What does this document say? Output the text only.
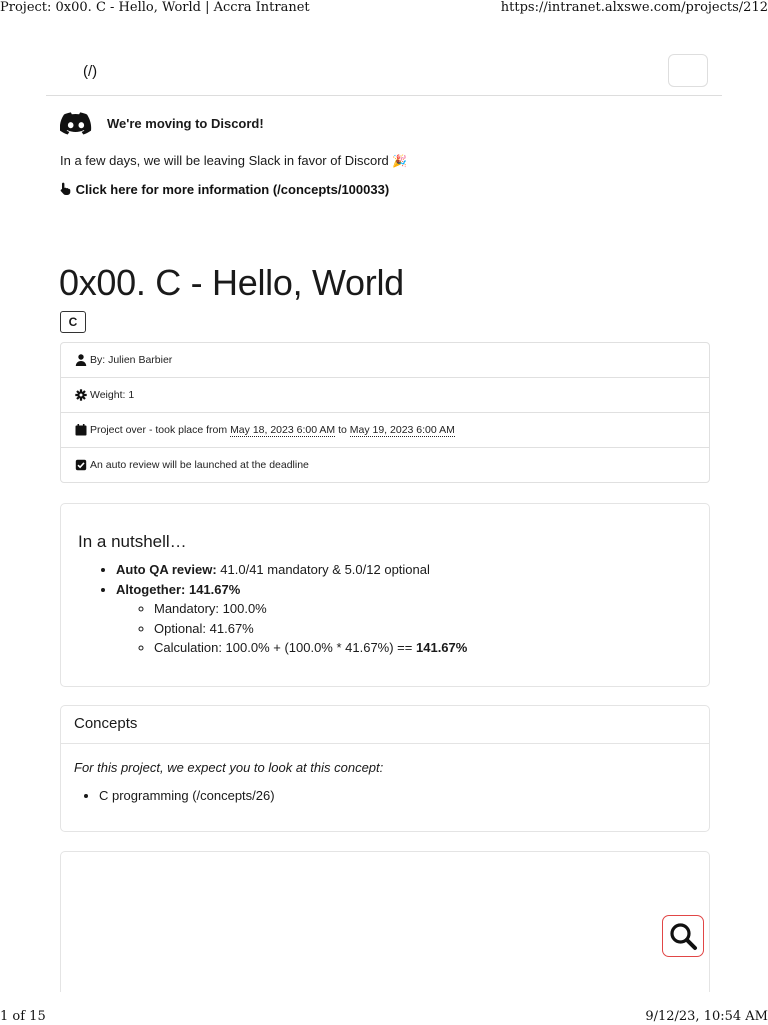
Project: 0x00. C - Hello, World | Accra Intranet	https://intranet.alxswe.com/projects/212
(/)
We're moving to Discord!
In a few days, we will be leaving Slack in favor of Discord 🎉
Click here for more information (/concepts/100033)
0x00. C - Hello, World
C
By: Julien Barbier
Weight: 1
Project over - took place from May 18, 2023 6:00 AM to May 19, 2023 6:00 AM
An auto review will be launched at the deadline
In a nutshell…
• Auto QA review: 41.0/41 mandatory & 5.0/12 optional
• Altogether: 141.67%
◦ Mandatory: 100.0%
◦ Optional: 41.67%
◦ Calculation: 100.0% + (100.0% * 41.67%) == 141.67%
Concepts
For this project, we expect you to look at this concept:
• C programming (/concepts/26)
1 of 15	9/12/23, 10:54 AM
